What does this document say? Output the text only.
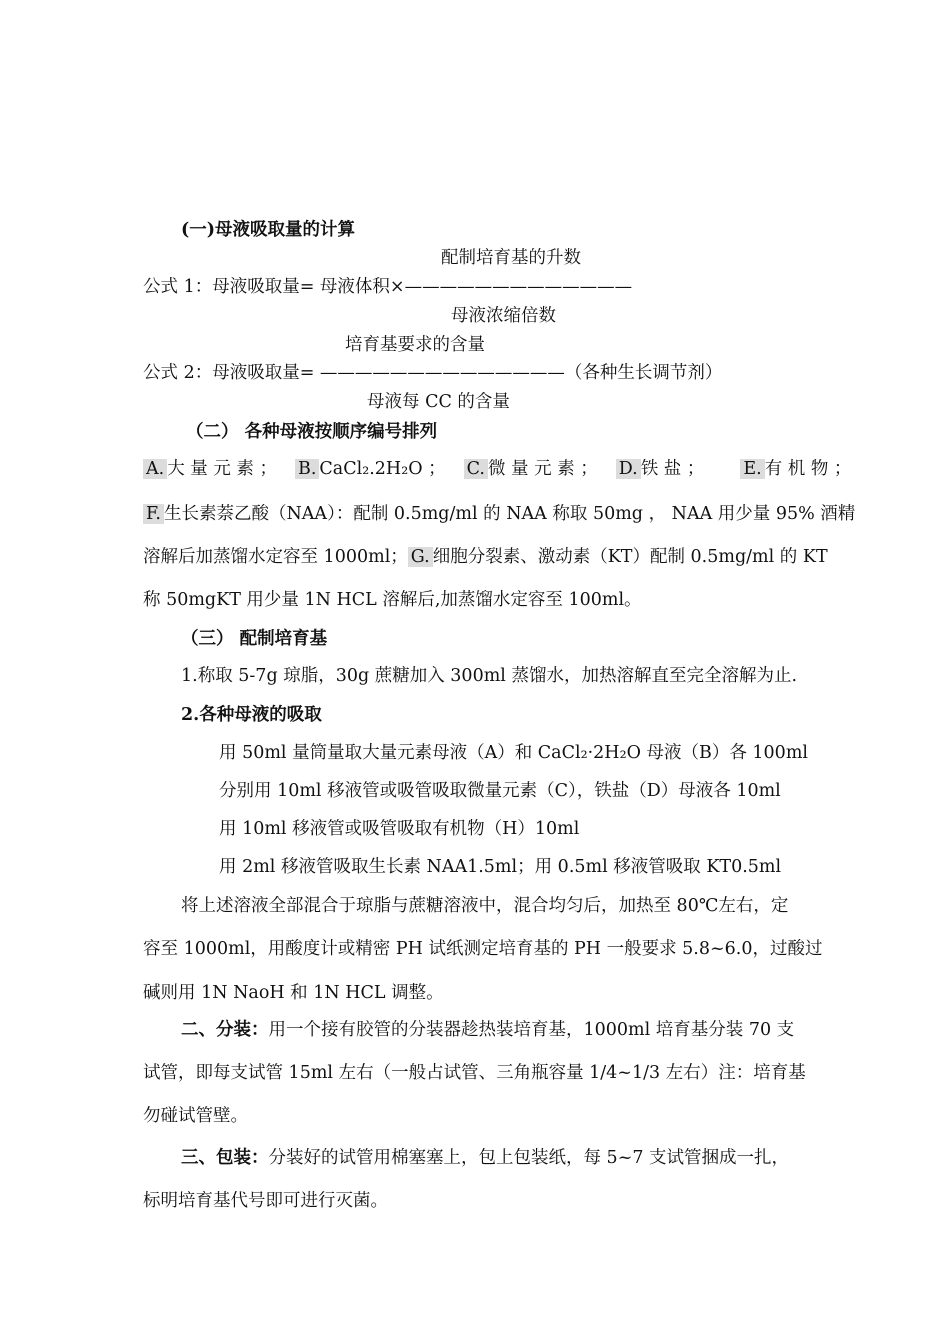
(一)母液吸取量的计算
配制培育基的升数
公式 1：母液吸取量= 母液体积×—————————————
母液浓缩倍数
培育基要求的含量
公式 2：母液吸取量= ——————————————（各种生长调节剂）
母液每 CC 的含量
（二） 各种母液按顺序编号排列
A. 大 量 元 素 ； B. CaCl₂.2H₂O ； C. 微 量 元 素 ； D. 铁 盐 ； E. 有 机 物 ；
F. 生长素萘乙酸（NAA）：配制 0.5mg/ml 的 NAA 称取 50mg ， NAA 用少量 95% 酒精
溶解后加蒸馏水定容至 1000ml； G. 细胞分裂素、激动素（KT）配制 0.5mg/ml 的 KT
称 50mgKT 用少量 1N HCL 溶解后,加蒸馏水定容至 100ml。
（三） 配制培育基
1.称取 5-7g 琼脂，30g 蔗糖加入 300ml 蒸馏水，加热溶解直至完全溶解为止.
2.各种母液的吸取
用 50ml 量筒量取大量元素母液（A）和 CaCl₂·2H₂O 母液（B）各 100ml
分别用 10ml 移液管或吸管吸取微量元素（C），铁盐（D）母液各 10ml
用 10ml 移液管或吸管吸取有机物（H）10ml
用 2ml 移液管吸取生长素 NAA1.5ml；用 0.5ml 移液管吸取 KT0.5ml
将上述溶液全部混合于琼脂与蔗糖溶液中，混合均匀后，加热至 80℃左右，定
容至 1000ml，用酸度计或精密 PH 试纸测定培育基的 PH 一般要求 5.8~6.0，过酸过
碱则用 1N NaoH 和 1N HCL 调整。
二、分装：用一个接有胶管的分装器趁热装培育基，1000ml 培育基分装 70 支
试管，即每支试管 15ml 左右（一般占试管、三角瓶容量 1/4~1/3 左右）注：培育基
勿碰试管壁。
三、包装：分装好的试管用棉塞塞上，包上包装纸，每 5~7 支试管捆成一扎，
标明培育基代号即可进行灭菌。
